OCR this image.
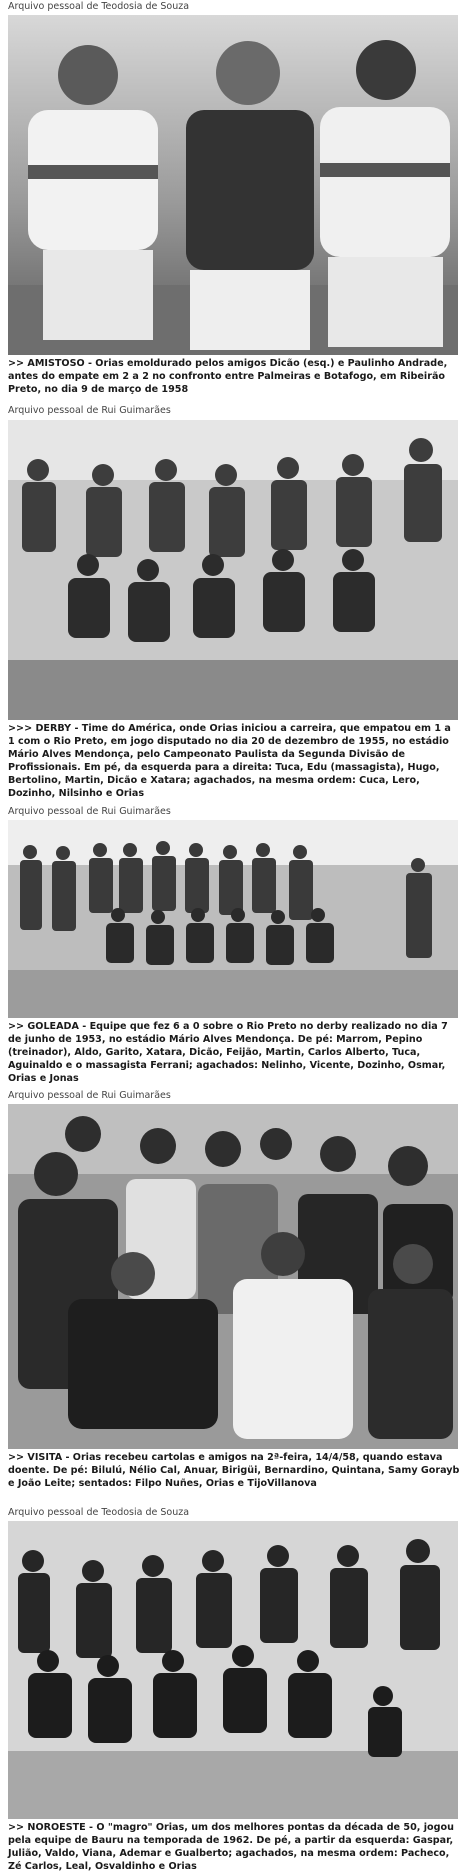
Arquivo pessoal de Teodosia de Souza
>> AMISTOSO - Orias emoldurado pelos amigos Dicão (esq.) e Paulinho Andrade, antes do empate em 2 a 2 no confronto entre Palmeiras e Botafogo, em Ribeirão Preto, no dia 9 de março de 1958
Arquivo pessoal de Rui Guimarães
>>> DERBY - Time do América, onde Orias iniciou a carreira, que empatou em 1 a 1 com o Rio Preto, em jogo disputado no dia 20 de dezembro de 1955, no estádio Mário Alves Mendonça, pelo Campeonato Paulista da Segunda Divisão de Profissionais. Em pé, da esquerda para a direita: Tuca, Edu (massagista), Hugo, Bertolino, Martin, Dicão e Xatara; agachados, na mesma ordem: Cuca, Lero, Dozinho, Nilsinho e Orias
Arquivo pessoal de Rui Guimarães
>> GOLEADA - Equipe que fez 6 a 0 sobre o Rio Preto no derby realizado no dia 7 de junho de 1953, no estádio Mário Alves Mendonça. De pé: Marrom, Pepino (treinador), Aldo, Garito, Xatara, Dicão, Feijão, Martin, Carlos Alberto, Tuca, Aguinaldo e o massagista Ferrani; agachados: Nelinho, Vicente, Dozinho, Osmar, Orias e Jonas
Arquivo pessoal de Rui Guimarães
>> VISITA - Orias recebeu cartolas e amigos na 2ª-feira, 14/4/58, quando estava doente. De pé: Bilulú, Nélio Cal, Anuar, Birigüi, Bernardino, Quintana, Samy Gorayb e João Leite; sentados: Filpo Nuñes, Orias e TijoVillanova
Arquivo pessoal de Teodosia de Souza
>> NOROESTE - O "magro" Orias, um dos melhores pontas da década de 50, jogou pela equipe de Bauru na temporada de 1962. De pé, a partir da esquerda: Gaspar, Julião, Valdo, Viana, Ademar e Gualberto; agachados, na mesma ordem: Pacheco, Zé Carlos, Leal, Osvaldinho e Orias
